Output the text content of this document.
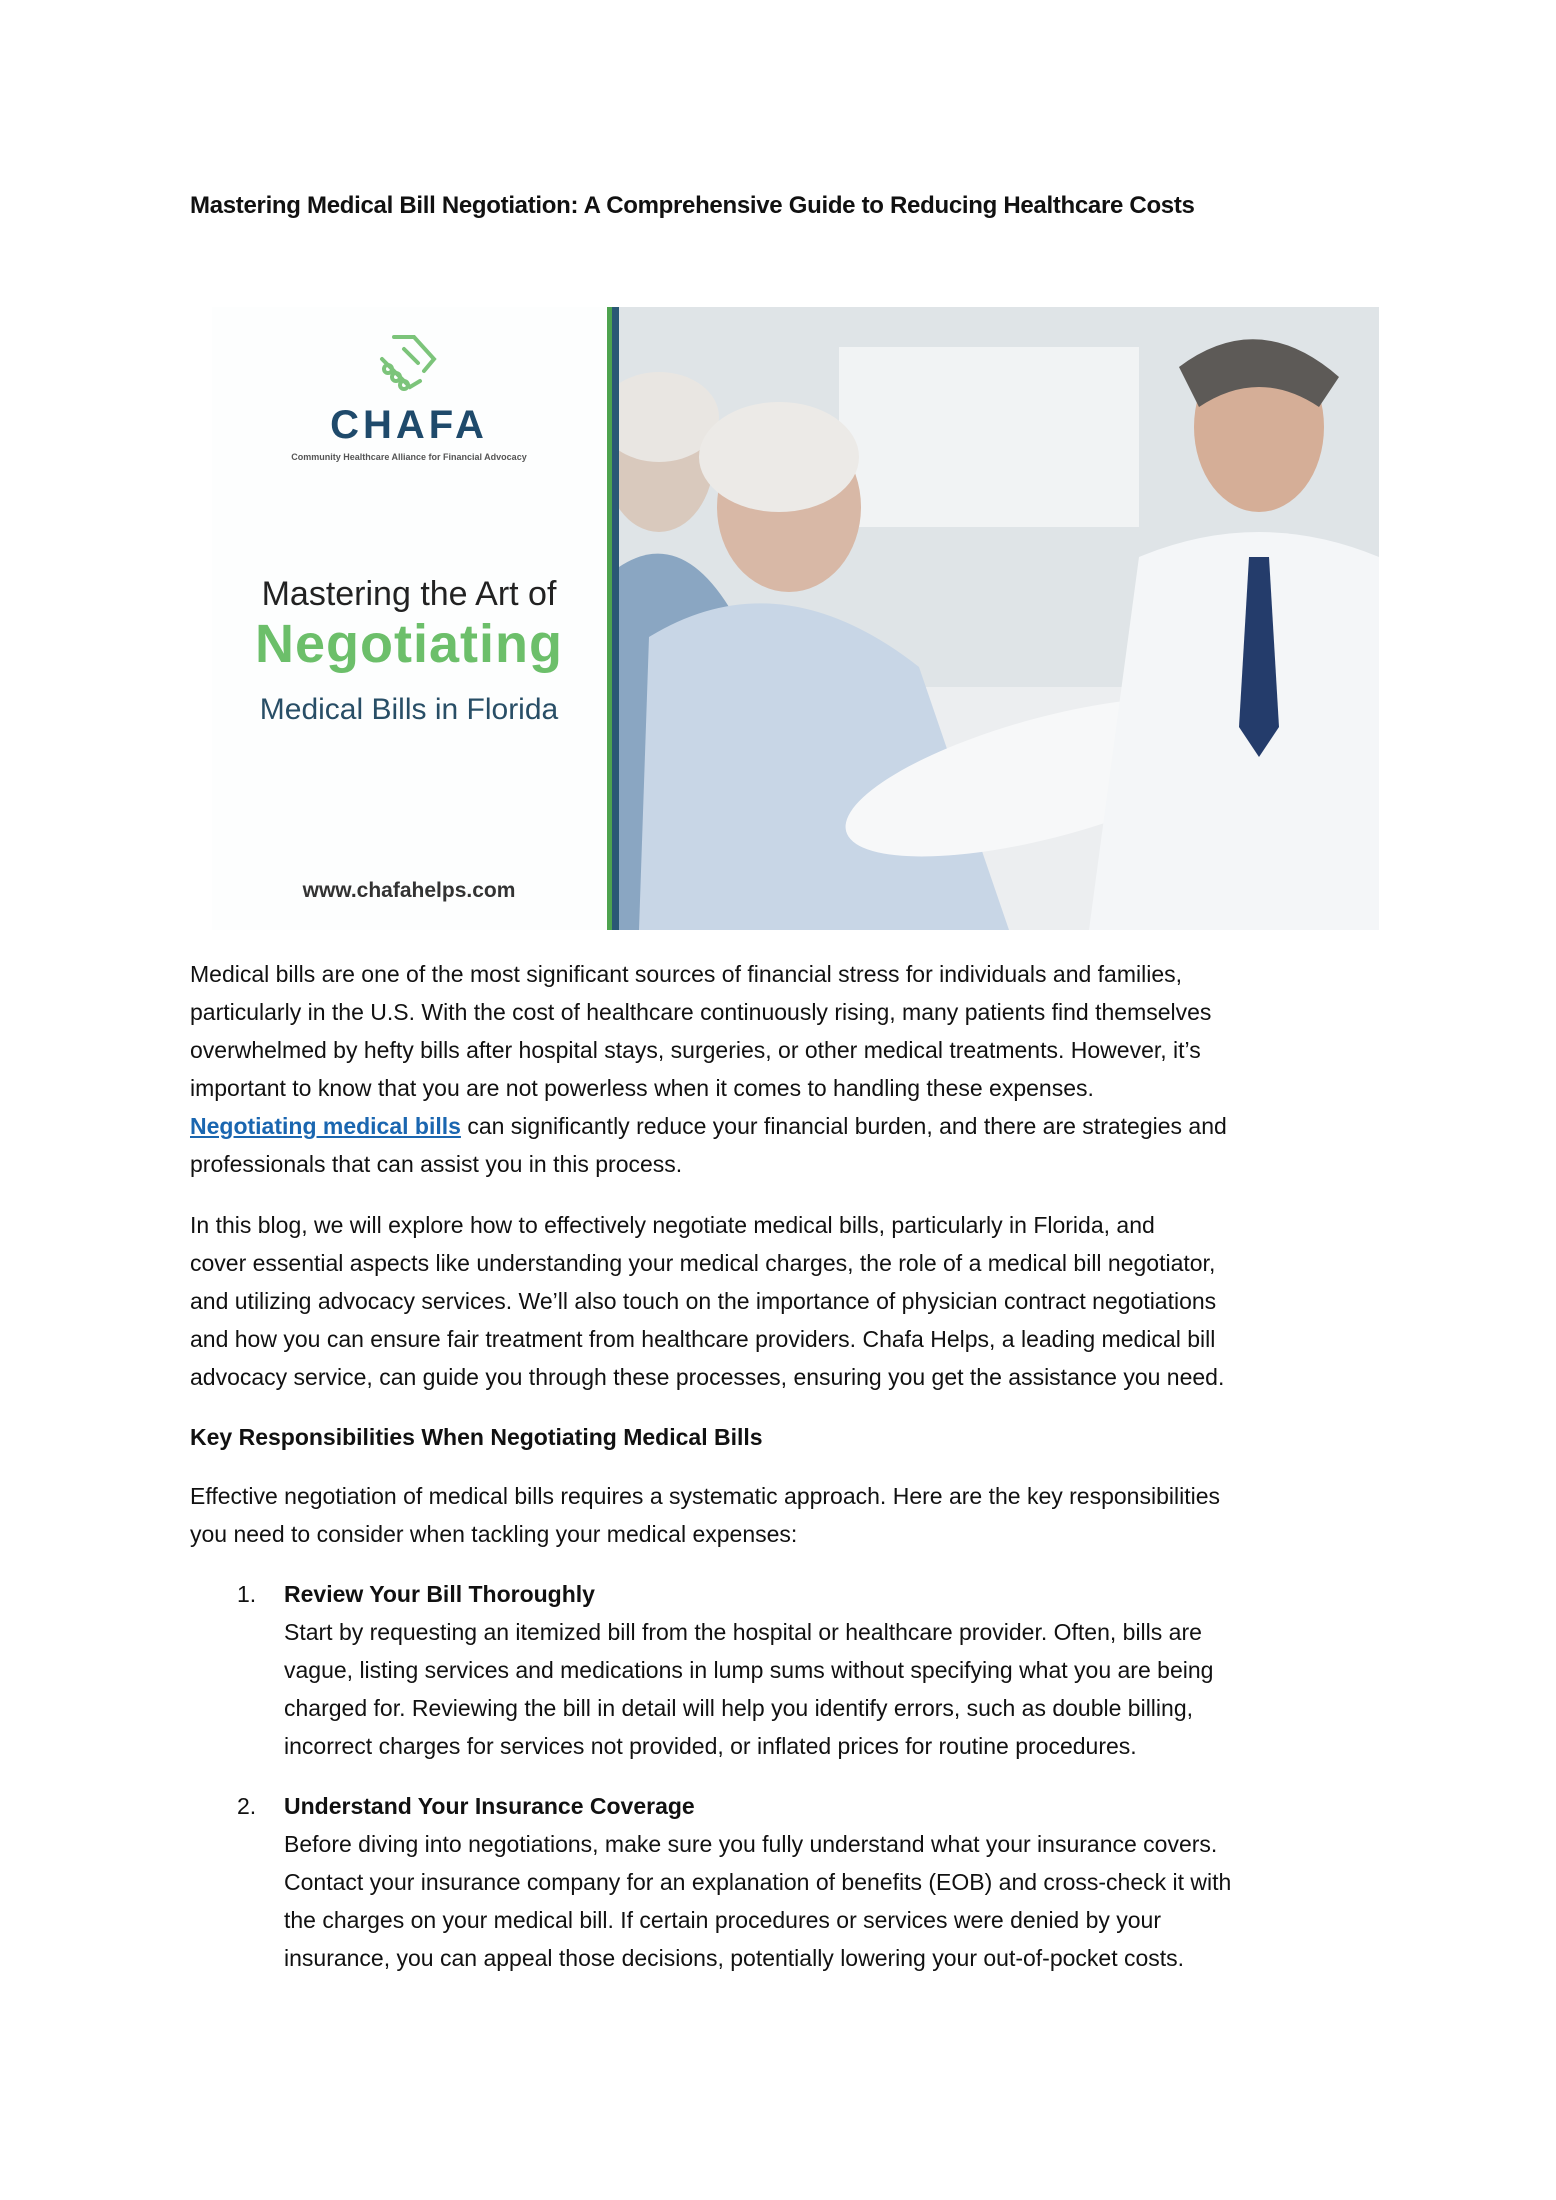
Mastering Medical Bill Negotiation: A Comprehensive Guide to Reducing Healthcare Costs
CHAFA
Community Healthcare Alliance for Financial Advocacy
Mastering the Art of
Negotiating
Medical Bills in Florida
www.chafahelps.com
Medical bills are one of the most significant sources of financial stress for individuals and families,
particularly in the U.S. With the cost of healthcare continuously rising, many patients find themselves
overwhelmed by hefty bills after hospital stays, surgeries, or other medical treatments. However, it’s
important to know that you are not powerless when it comes to handling these expenses.
Negotiating medical bills can significantly reduce your financial burden, and there are strategies and
professionals that can assist you in this process.
In this blog, we will explore how to effectively negotiate medical bills, particularly in Florida, and
cover essential aspects like understanding your medical charges, the role of a medical bill negotiator,
and utilizing advocacy services. We’ll also touch on the importance of physician contract negotiations
and how you can ensure fair treatment from healthcare providers. Chafa Helps, a leading medical bill
advocacy service, can guide you through these processes, ensuring you get the assistance you need.
Key Responsibilities When Negotiating Medical Bills
Effective negotiation of medical bills requires a systematic approach. Here are the key responsibilities
you need to consider when tackling your medical expenses:
1. Review Your Bill Thoroughly
Start by requesting an itemized bill from the hospital or healthcare provider. Often, bills are
vague, listing services and medications in lump sums without specifying what you are being
charged for. Reviewing the bill in detail will help you identify errors, such as double billing,
incorrect charges for services not provided, or inflated prices for routine procedures.
2. Understand Your Insurance Coverage
Before diving into negotiations, make sure you fully understand what your insurance covers.
Contact your insurance company for an explanation of benefits (EOB) and cross-check it with
the charges on your medical bill. If certain procedures or services were denied by your
insurance, you can appeal those decisions, potentially lowering your out-of-pocket costs.
